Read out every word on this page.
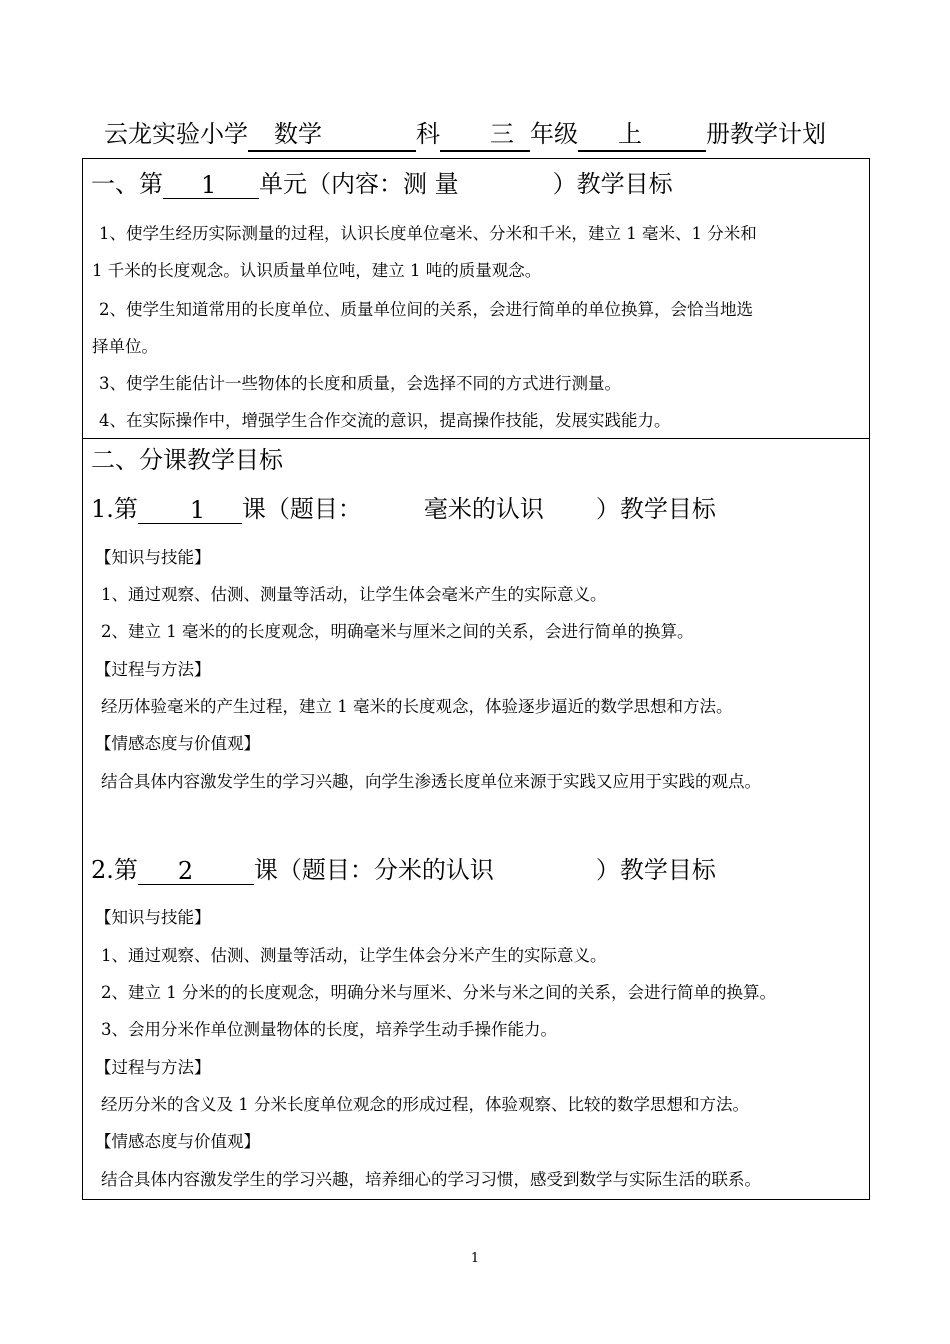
云龙实验小学 数学	科 三 年级 上	册教学计划
一、第 1 单元（内容：测 量	）教学目标
1、使学生经历实际测量的过程，认识长度单位毫米、分米和千米，建立 1 毫米、1 分米和
1 千米的长度观念。认识质量单位吨，建立 1 吨的质量观念。
2、使学生知道常用的长度单位、质量单位间的关系，会进行简单的单位换算，会恰当地选
择单位。
3、使学生能估计一些物体的长度和质量，会选择不同的方式进行测量。
4、在实际操作中，增强学生合作交流的意识，提高操作技能，发展实践能力。
二、分课教学目标
1.第 1 课（题目：	毫米的认识 ）教学目标
【知识与技能】
1、通过观察、估测、测量等活动，让学生体会毫米产生的实际意义。
2、建立 1 毫米的的长度观念，明确毫米与厘米之间的关系，会进行简单的换算。
【过程与方法】
经历体验毫米的产生过程，建立 1 毫米的长度观念，体验逐步逼近的数学思想和方法。
【情感态度与价值观】
结合具体内容激发学生的学习兴趣，向学生渗透长度单位来源于实践又应用于实践的观点。
2.第 2	课（题目：分米的认识	）教学目标
【知识与技能】
1、通过观察、估测、测量等活动，让学生体会分米产生的实际意义。
2、建立 1 分米的的长度观念，明确分米与厘米、分米与米之间的关系，会进行简单的换算。
3、会用分米作单位测量物体的长度，培养学生动手操作能力。
【过程与方法】
经历分米的含义及 1 分米长度单位观念的形成过程，体验观察、比较的数学思想和方法。
【情感态度与价值观】
结合具体内容激发学生的学习兴趣，培养细心的学习习惯，感受到数学与实际生活的联系。
1
